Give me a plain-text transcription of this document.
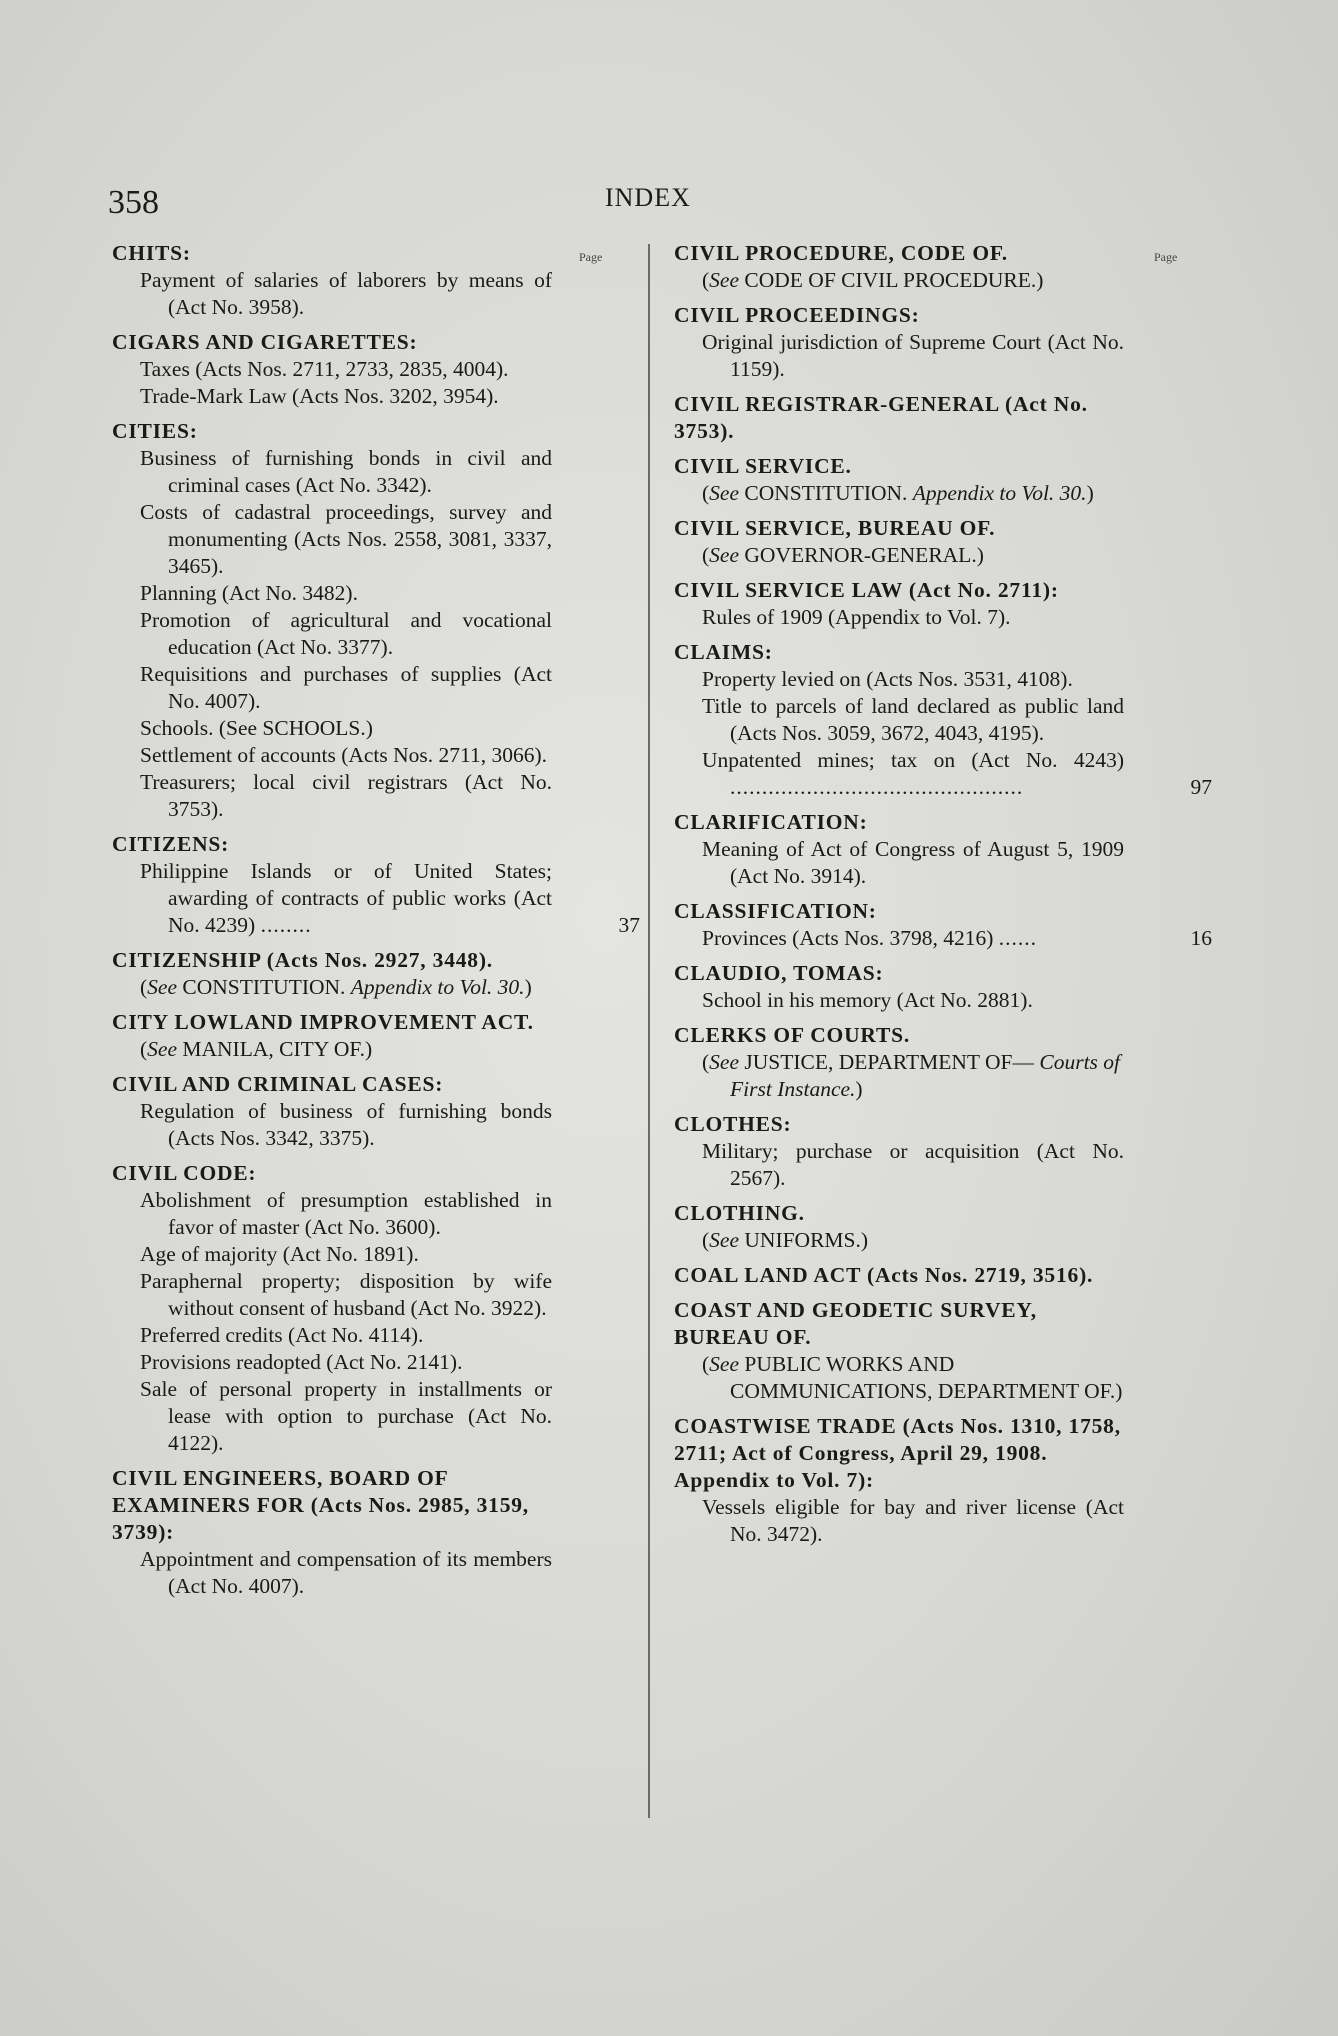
358	INDEX
Page	Page
CHITS:
Payment of salaries of laborers by means of (Act No. 3958).
CIGARS AND CIGARETTES:
Taxes (Acts Nos. 2711, 2733, 2835, 4004).
Trade-Mark Law (Acts Nos. 3202, 3954).
CITIES:
Business of furnishing bonds in civil and criminal cases (Act No. 3342).
Costs of cadastral proceedings, survey and monumenting (Acts Nos. 2558, 3081, 3337, 3465).
Planning (Act No. 3482).
Promotion of agricultural and vocational education (Act No. 3377).
Requisitions and purchases of supplies (Act No. 4007).
Schools. (See SCHOOLS.)
Settlement of accounts (Acts Nos. 2711, 3066).
Treasurers; local civil registrars (Act No. 3753).
CITIZENS:
Philippine Islands or of United States; awarding of contracts of public works (Act No. 4239) ........	37
CITIZENSHIP (Acts Nos. 2927, 3448).
(See CONSTITUTION. Appendix to Vol. 30.)
CITY LOWLAND IMPROVEMENT ACT.
(See MANILA, CITY OF.)
CIVIL AND CRIMINAL CASES:
Regulation of business of furnishing bonds (Acts Nos. 3342, 3375).
CIVIL CODE:
Abolishment of presumption established in favor of master (Act No. 3600).
Age of majority (Act No. 1891).
Paraphernal property; disposition by wife without consent of husband (Act No. 3922).
Preferred credits (Act No. 4114).
Provisions readopted (Act No. 2141).
Sale of personal property in installments or lease with option to purchase (Act No. 4122).
CIVIL ENGINEERS, BOARD OF EXAMINERS FOR (Acts Nos. 2985, 3159, 3739):
Appointment and compensation of its members (Act No. 4007).
CIVIL PROCEDURE, CODE OF.
(See CODE OF CIVIL PROCEDURE.)
CIVIL PROCEEDINGS:
Original jurisdiction of Supreme Court (Act No. 1159).
CIVIL REGISTRAR-GENERAL (Act No. 3753).
CIVIL SERVICE.
(See CONSTITUTION. Appendix to Vol. 30.)
CIVIL SERVICE, BUREAU OF.
(See GOVERNOR-GENERAL.)
CIVIL SERVICE LAW (Act No. 2711):
Rules of 1909 (Appendix to Vol. 7).
CLAIMS:
Property levied on (Acts Nos. 3531, 4108).
Title to parcels of land declared as public land (Acts Nos. 3059, 3672, 4043, 4195).
Unpatented mines; tax on (Act No. 4243) ..............................................	97
CLARIFICATION:
Meaning of Act of Congress of August 5, 1909 (Act No. 3914).
CLASSIFICATION:
Provinces (Acts Nos. 3798, 4216) ......	16
CLAUDIO, TOMAS:
School in his memory (Act No. 2881).
CLERKS OF COURTS.
(See JUSTICE, DEPARTMENT OF— Courts of First Instance.)
CLOTHES:
Military; purchase or acquisition (Act No. 2567).
CLOTHING.
(See UNIFORMS.)
COAL LAND ACT (Acts Nos. 2719, 3516).
COAST AND GEODETIC SURVEY, BUREAU OF.
(See PUBLIC WORKS AND COMMUNICATIONS, DEPARTMENT OF.)
COASTWISE TRADE (Acts Nos. 1310, 1758, 2711; Act of Congress, April 29, 1908. Appendix to Vol. 7):
Vessels eligible for bay and river license (Act No. 3472).
